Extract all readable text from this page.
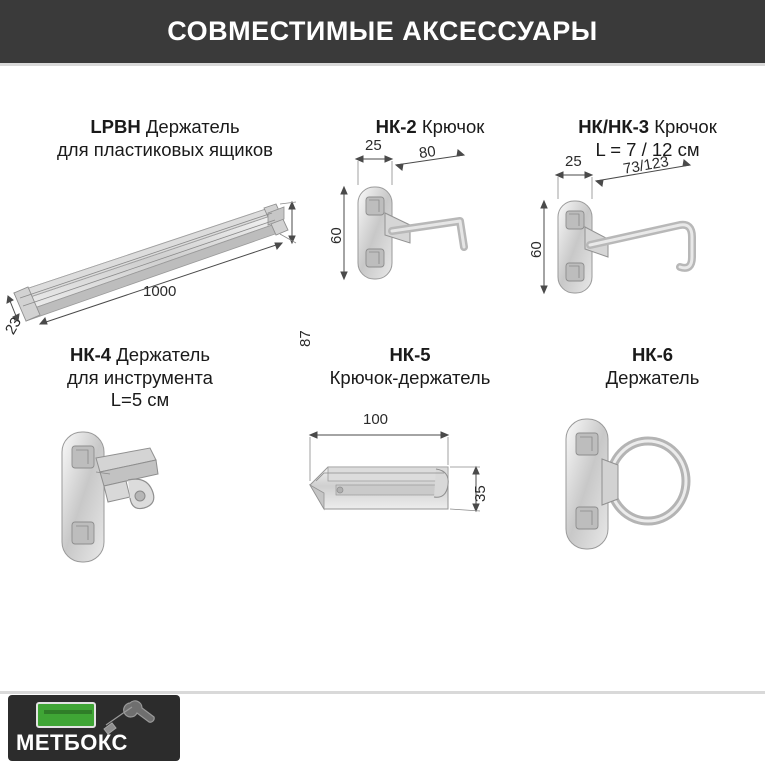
СОВМЕСТИМЫЕ АКСЕССУАРЫ
LPBH Держатель
для пластиковых ящиков
87
1000
23
НК-2 Крючок
25 80
60
НК/НК-3 Крючок
L = 7 / 12 см
25	73/123
60
НК-4 Держатель
для инструмента
L=5 см
НК-5
Крючок-держатель
100
35
НК-6
Держатель
МЕТБОКС
